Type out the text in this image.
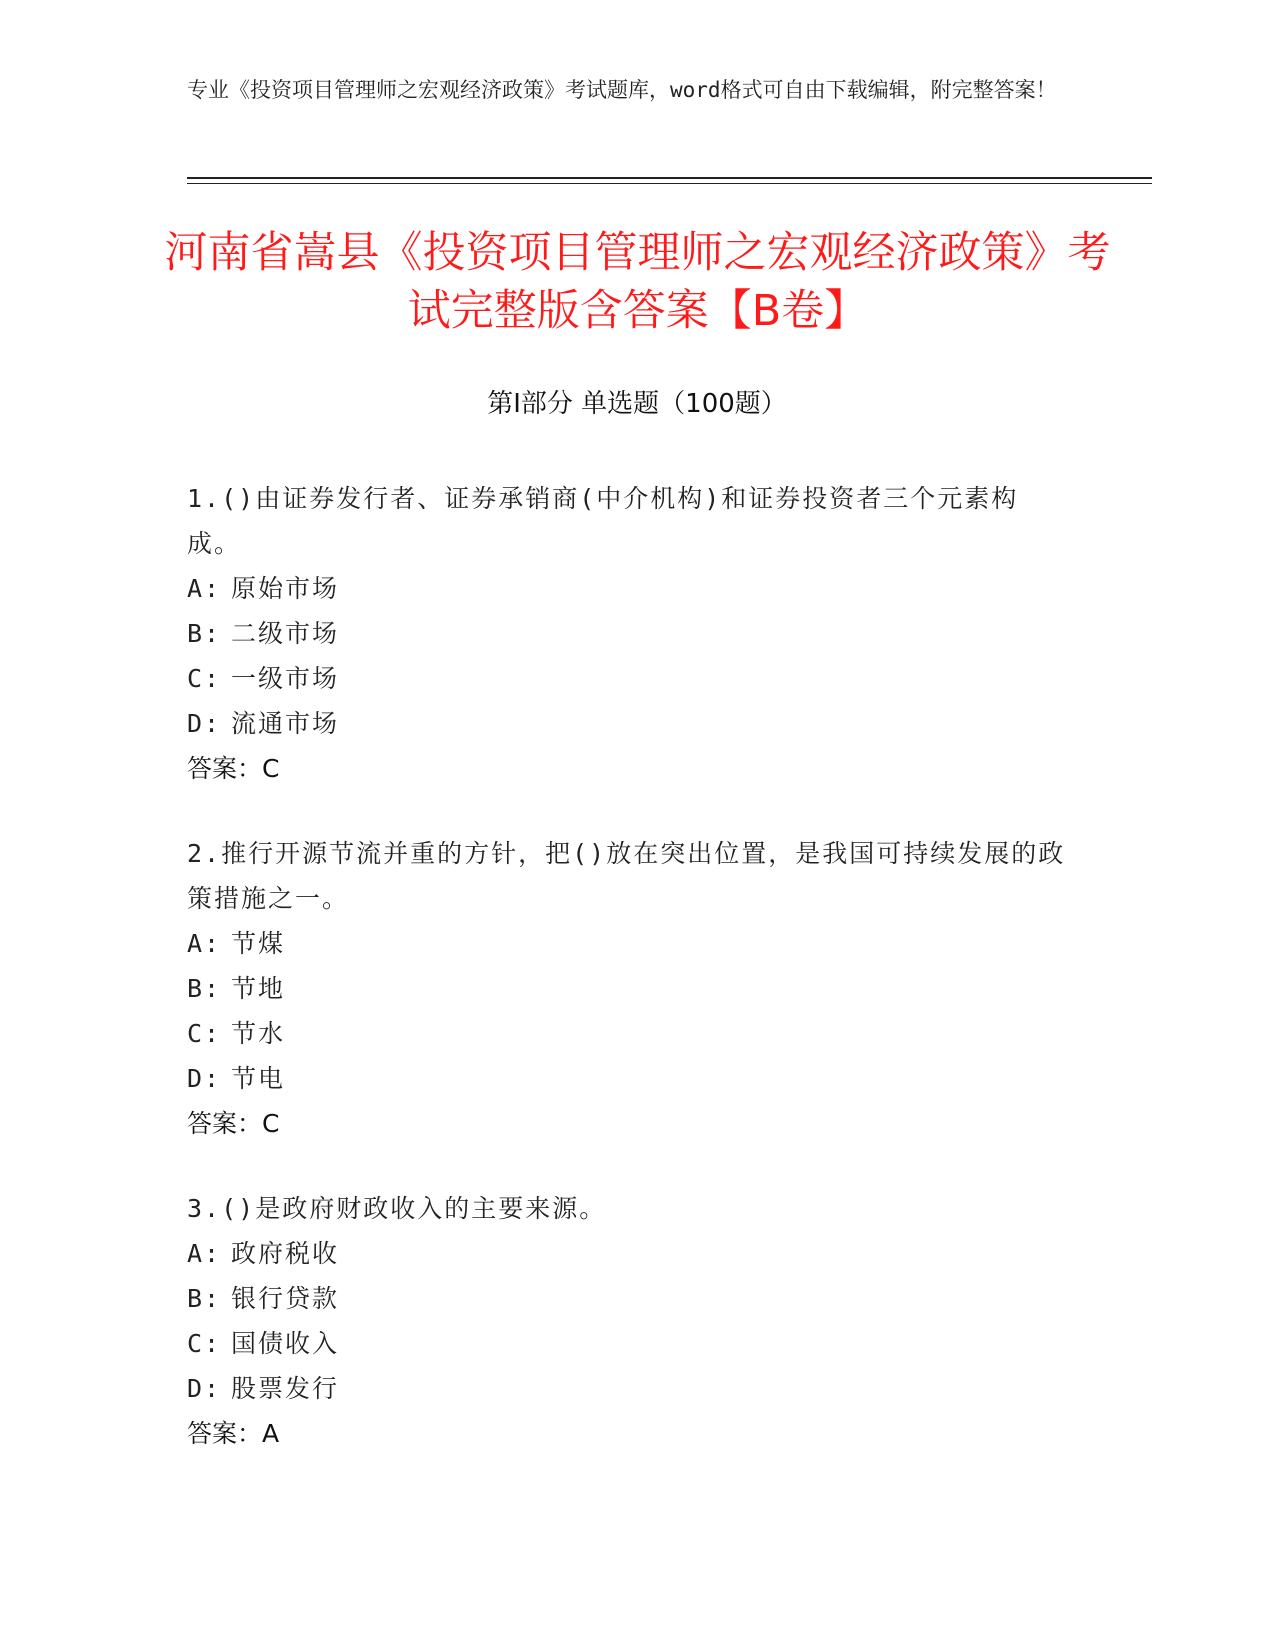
专业《投资项目管理师之宏观经济政策》考试题库，word格式可自由下载编辑，附完整答案！
河南省嵩县《投资项目管理师之宏观经济政策》考试完整版含答案【B卷】
第Ⅰ部分 单选题（100题）
1.()由证券发行者、证券承销商(中介机构)和证券投资者三个元素构成。
A: 原始市场
B: 二级市场
C: 一级市场
D: 流通市场
答案：C
2.推行开源节流并重的方针，把()放在突出位置，是我国可持续发展的政策措施之一。
A: 节煤
B: 节地
C: 节水
D: 节电
答案：C
3.()是政府财政收入的主要来源。
A: 政府税收
B: 银行贷款
C: 国债收入
D: 股票发行
答案：A
